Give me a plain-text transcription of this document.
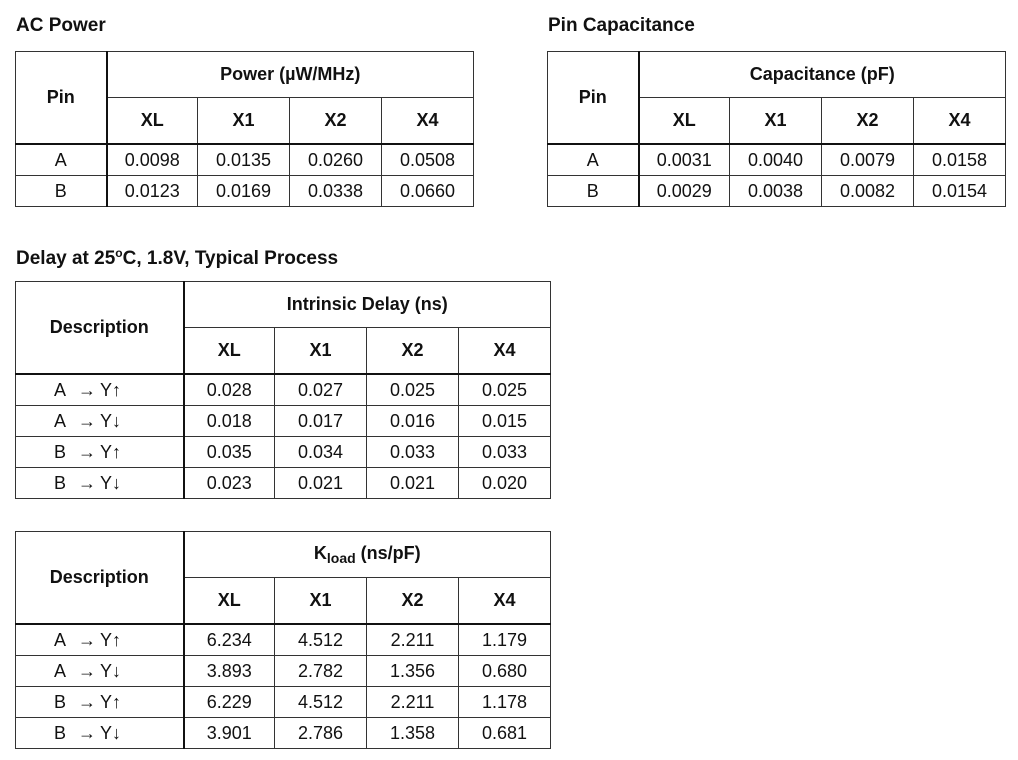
AC Power
Pin	Power (µW/MHz)			
	XL	X1	X2	X4
A	0.0098	0.0135	0.0260	0.0508
B	0.0123	0.0169	0.0338	0.0660
Pin Capacitance
Pin	Capacitance (pF)			
	XL	X1	X2	X4
A	0.0031	0.0040	0.0079	0.0158
B	0.0029	0.0038	0.0082	0.0154
Delay at 25$^o$C, 1.8V, Typical Process
Description	Intrinsic Delay (ns)			
	XL	X1	X2	X4
A → Y↑	0.028	0.027	0.025	0.025
A → Y↓	0.018	0.017	0.016	0.015
B → Y↑	0.035	0.034	0.033	0.033
B → Y↓	0.023	0.021	0.021	0.020
Description	$K_{load}$ (ns/pF)			
	XL	X1	X2	X4
A → Y↑	6.234	4.512	2.211	1.179
A → Y↓	3.893	2.782	1.356	0.680
B → Y↑	6.229	4.512	2.211	1.178
B → Y↓	3.901	2.786	1.358	0.681
